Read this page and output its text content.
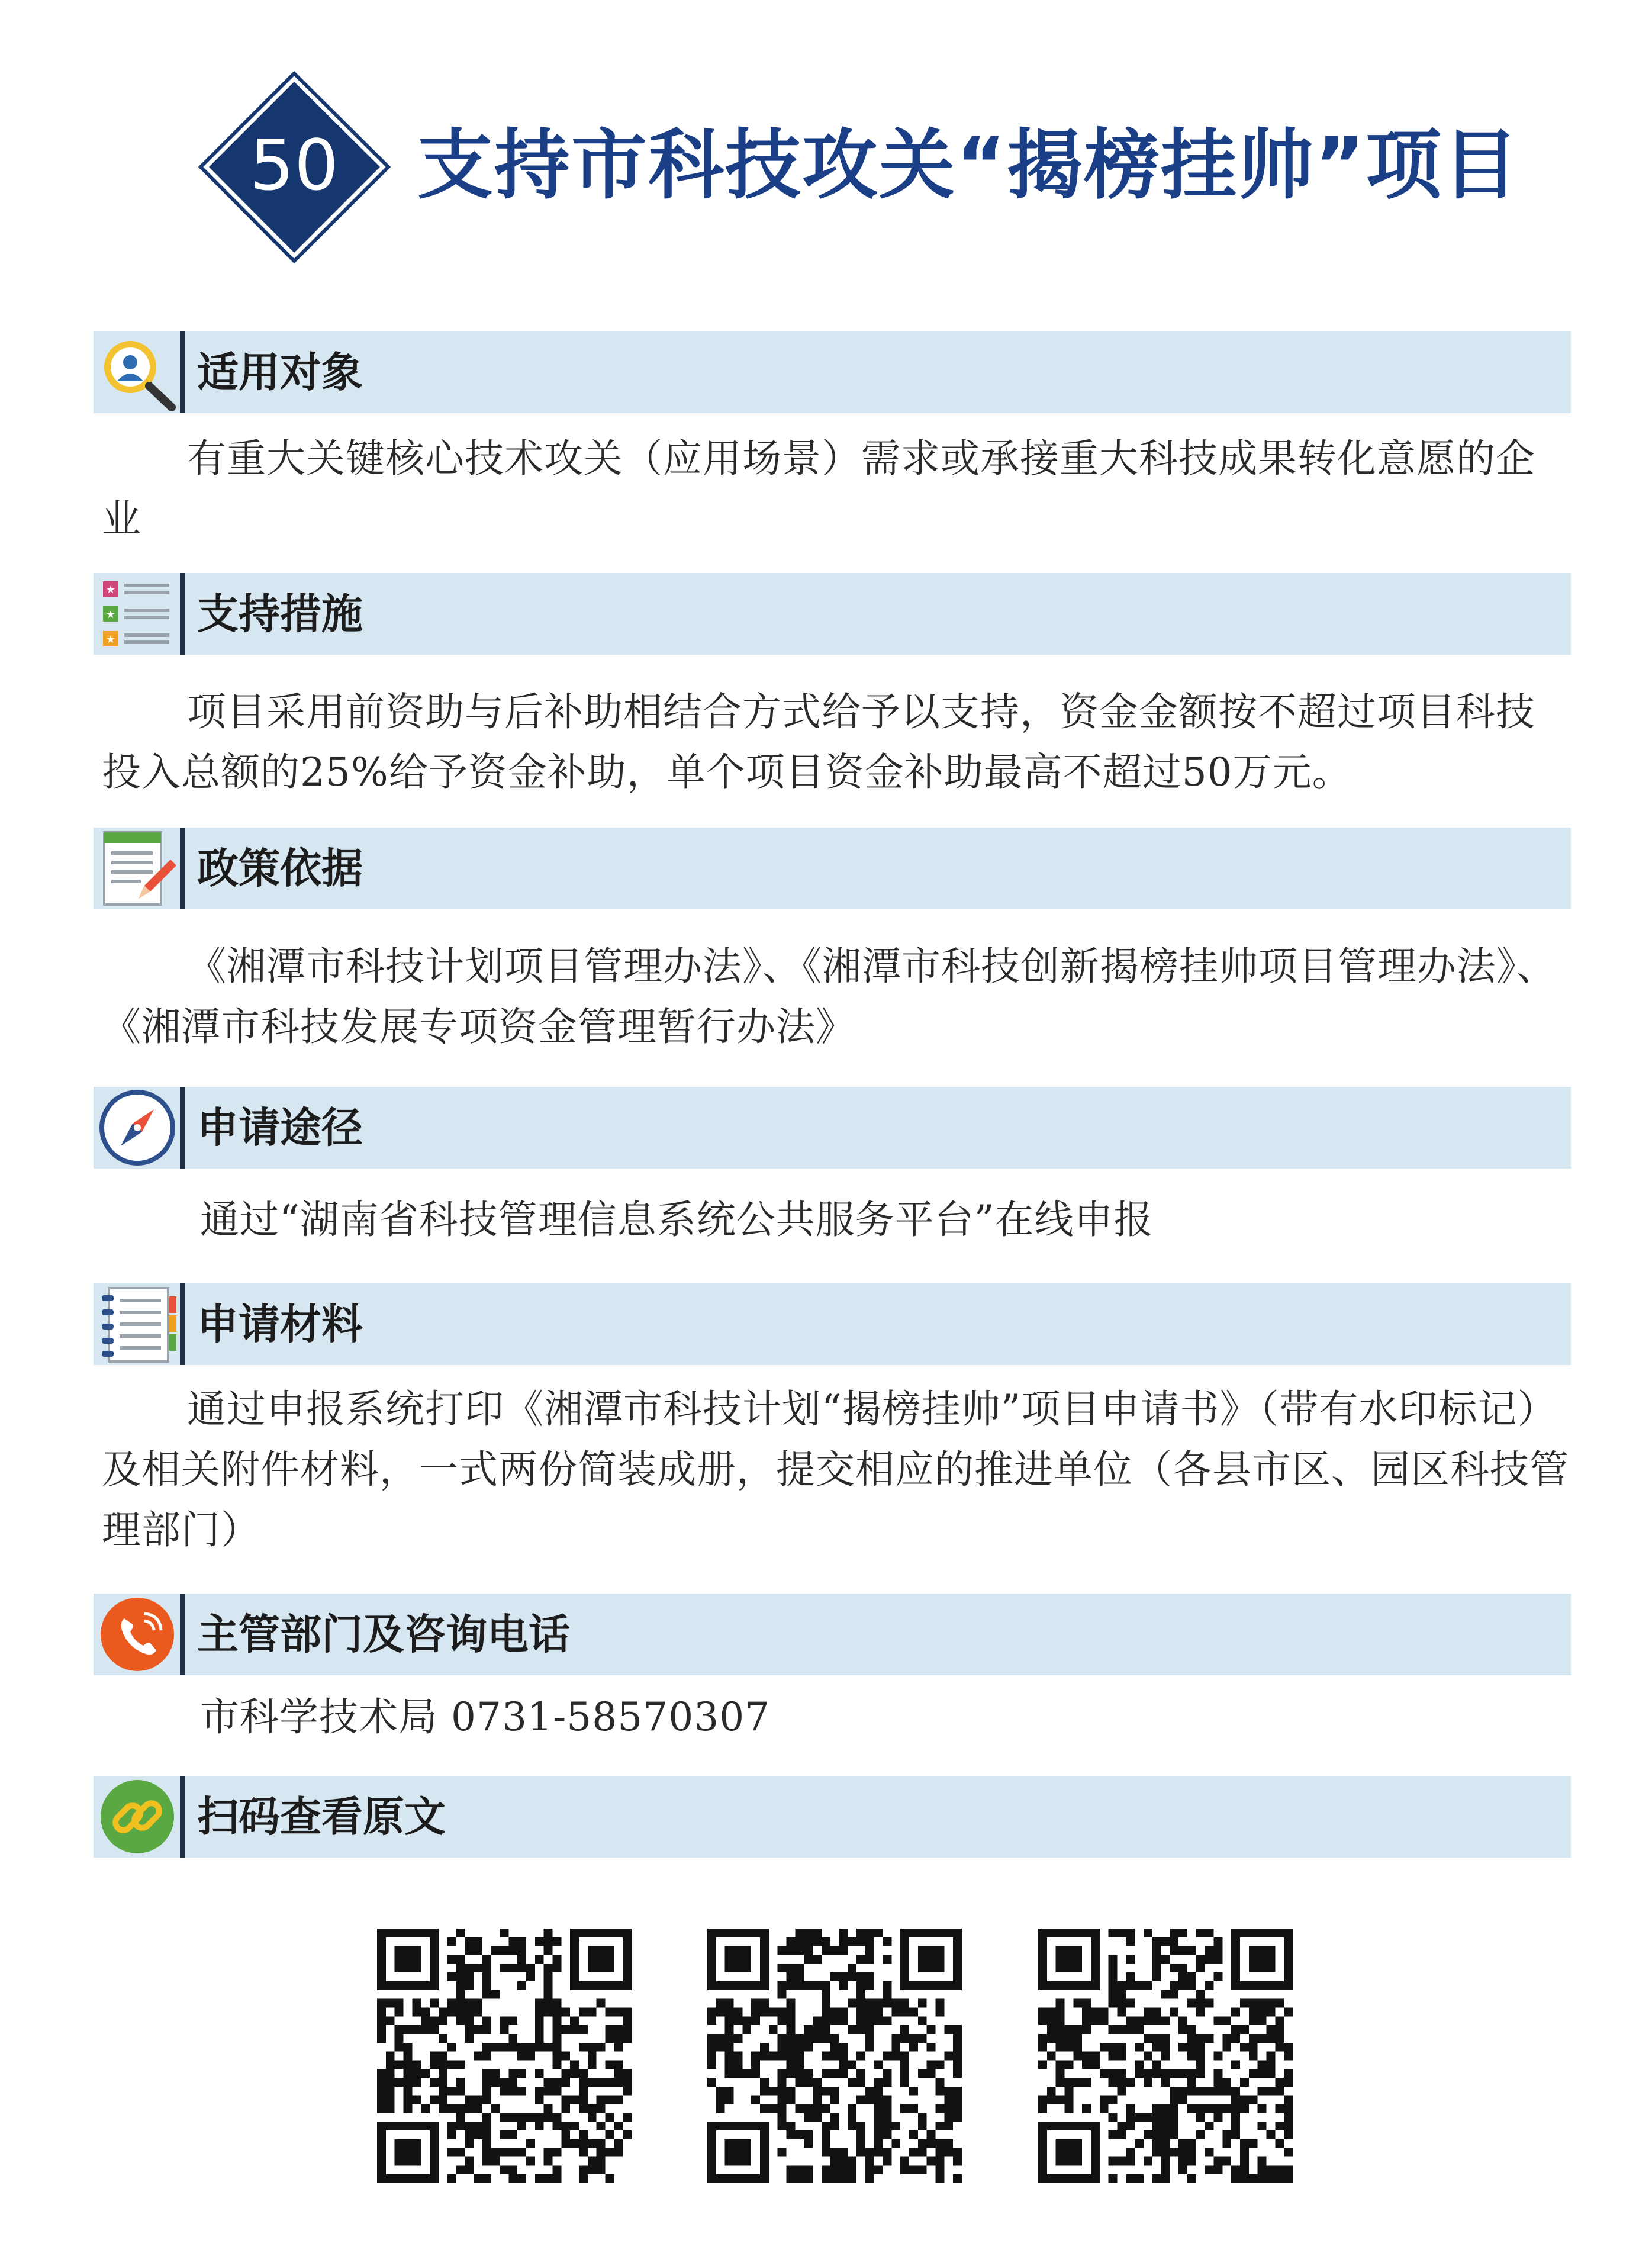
50 支持市科技攻关“揭榜挂帅”项目
适用对象
有重大关键核心技术攻关（应用场景）需求或承接重大科技成果转化意愿的企业
★
★
★
支持措施
项目采用前资助与后补助相结合方式给予以支持，资金金额按不超过项目科技投入总额的25%给予资金补助，单个项目资金补助最高不超过50万元。
政策依据
《湘潭市科技计划项目管理办法》、《湘潭市科技创新揭榜挂帅项目管理办法》、《湘潭市科技发展专项资金管理暂行办法》
申请途径
通过“湖南省科技管理信息系统公共服务平台”在线申报
申请材料
通过申报系统打印《湘潭市科技计划“揭榜挂帅”项目申请书》（带有水印标记）及相关附件材料，一式两份简装成册，提交相应的推进单位（各县市区、园区科技管理部门）
主管部门及咨询电话
市科学技术局 0731-58570307
扫码查看原文
